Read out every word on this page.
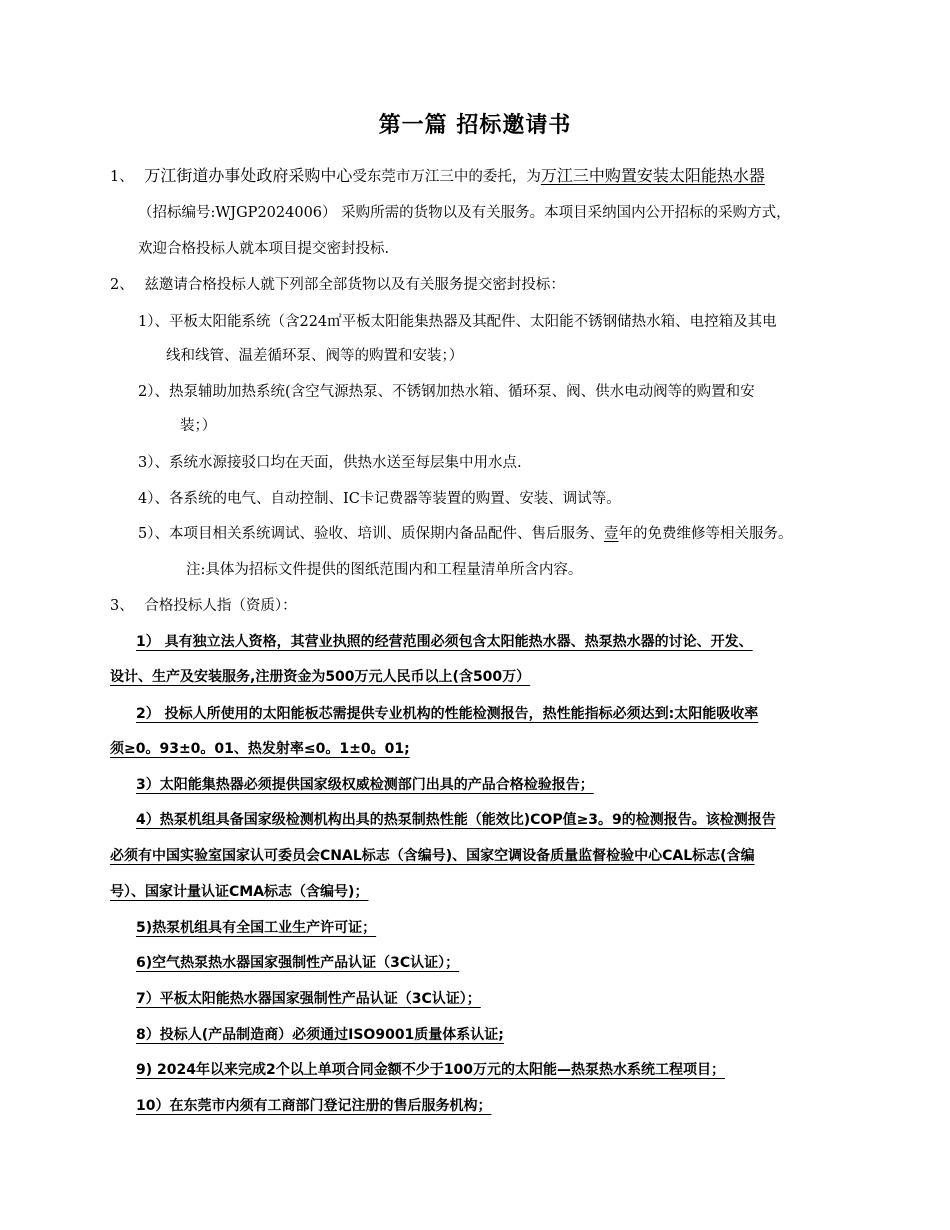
第一篇 招标邀请书
1、 万江街道办事处政府采购中心受东莞市万江三中的委托，为万江三中购置安装太阳能热水器
（招标编号:WJGP2024006） 采购所需的货物以及有关服务。本项目采纳国内公开招标的采购方式，
欢迎合格投标人就本项目提交密封投标.
2、 兹邀请合格投标人就下列部全部货物以及有关服务提交密封投标：
1）、平板太阳能系统（含224㎡平板太阳能集热器及其配件、太阳能不锈钢储热水箱、电控箱及其电
线和线管、温差循环泵、阀等的购置和安装；）
2）、热泵辅助加热系统(含空气源热泵、不锈钢加热水箱、循环泵、阀、供水电动阀等的购置和安
装；）
3）、系统水源接驳口均在天面，供热水送至每层集中用水点.
4）、各系统的电气、自动控制、IC卡记费器等装置的购置、安装、调试等。
5）、本项目相关系统调试、验收、培训、质保期内备品配件、售后服务、壹年的免费维修等相关服务。
注:具体为招标文件提供的图纸范围内和工程量清单所含内容。
3、 合格投标人指（资质）：
1） 具有独立法人资格，其营业执照的经营范围必须包含太阳能热水器、热泵热水器的讨论、开发、
设计、生产及安装服务,注册资金为500万元人民币以上(含500万）
2） 投标人所使用的太阳能板芯需提供专业机构的性能检测报告，热性能指标必须达到:太阳能吸收率
须≥0。93±0。01、热发射率≤0。1±0。01;
3）太阳能集热器必须提供国家级权威检测部门出具的产品合格检验报告；
4）热泵机组具备国家级检测机构出具的热泵制热性能（能效比)COP值≥3。9的检测报告。该检测报告
必须有中国实验室国家认可委员会CNAL标志（含编号)、国家空调设备质量监督检验中心CAL标志(含编
号）、国家计量认证CMA标志（含编号)；
5)热泵机组具有全国工业生产许可证；
6)空气热泵热水器国家强制性产品认证（3C认证）；
7）平板太阳能热水器国家强制性产品认证（3C认证）；
8）投标人(产品制造商）必须通过ISO9001质量体系认证;
9) 2024年以来完成2个以上单项合同金额不少于100万元的太阳能—热泵热水系统工程项目；
10）在东莞市内须有工商部门登记注册的售后服务机构；
